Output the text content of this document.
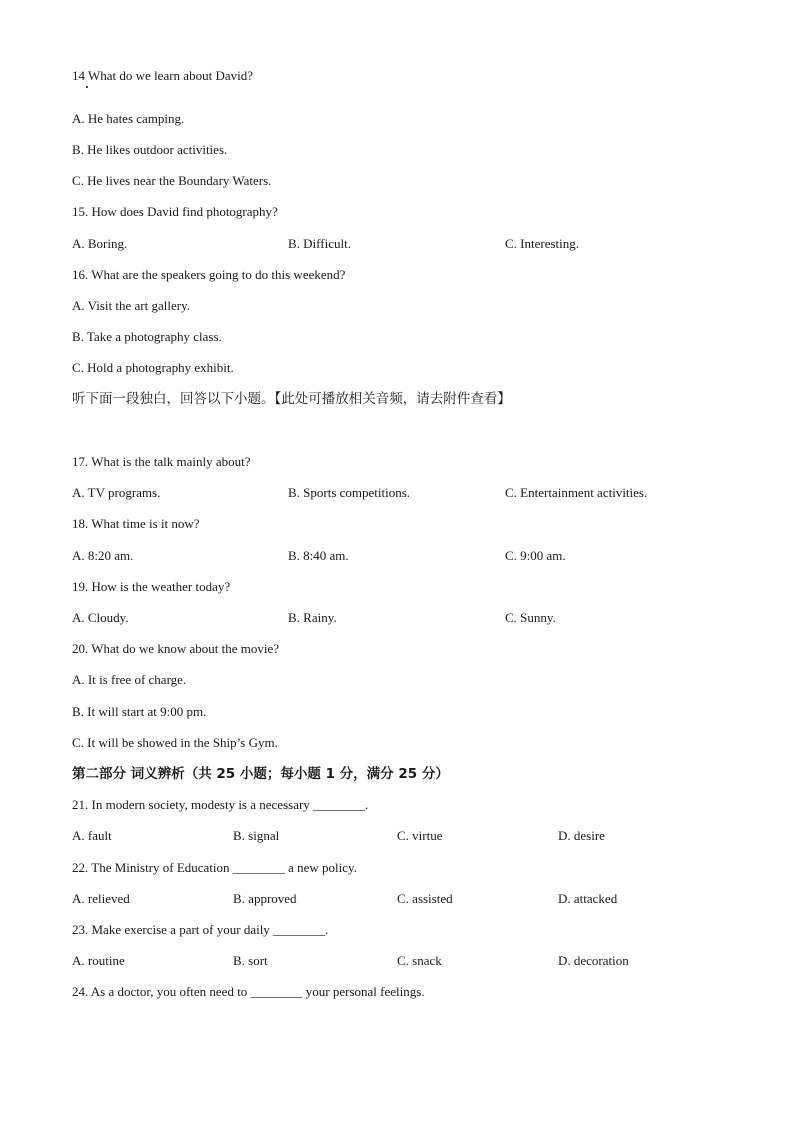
14 What do we learn about David?
A. He hates camping.
B. He likes outdoor activities.
C. He lives near the Boundary Waters.
15. How does David find photography?
A. Boring.	B. Difficult.	C. Interesting.
16. What are the speakers going to do this weekend?
A. Visit the art gallery.
B. Take a photography class.
C. Hold a photography exhibit.
听下面一段独白，回答以下小题。【此处可播放相关音频，请去附件查看】
17. What is the talk mainly about?
A. TV programs.	B. Sports competitions.	C. Entertainment activities.
18. What time is it now?
A. 8:20 am.	B. 8:40 am.	C. 9:00 am.
19. How is the weather today?
A. Cloudy.	B. Rainy.	C. Sunny.
20. What do we know about the movie?
A. It is free of charge.
B. It will start at 9:00 pm.
C. It will be showed in the Ship’s Gym.
第二部分 词义辨析（共 25 小题；每小题 1 分，满分 25 分）
21. In modern society, modesty is a necessary ________.
A. fault	B. signal	C. virtue	D. desire
22. The Ministry of Education ________ a new policy.
A. relieved	B. approved	C. assisted	D. attacked
23. Make exercise a part of your daily ________.
A. routine	B. sort	C. snack	D. decoration
24. As a doctor, you often need to ________ your personal feelings.
